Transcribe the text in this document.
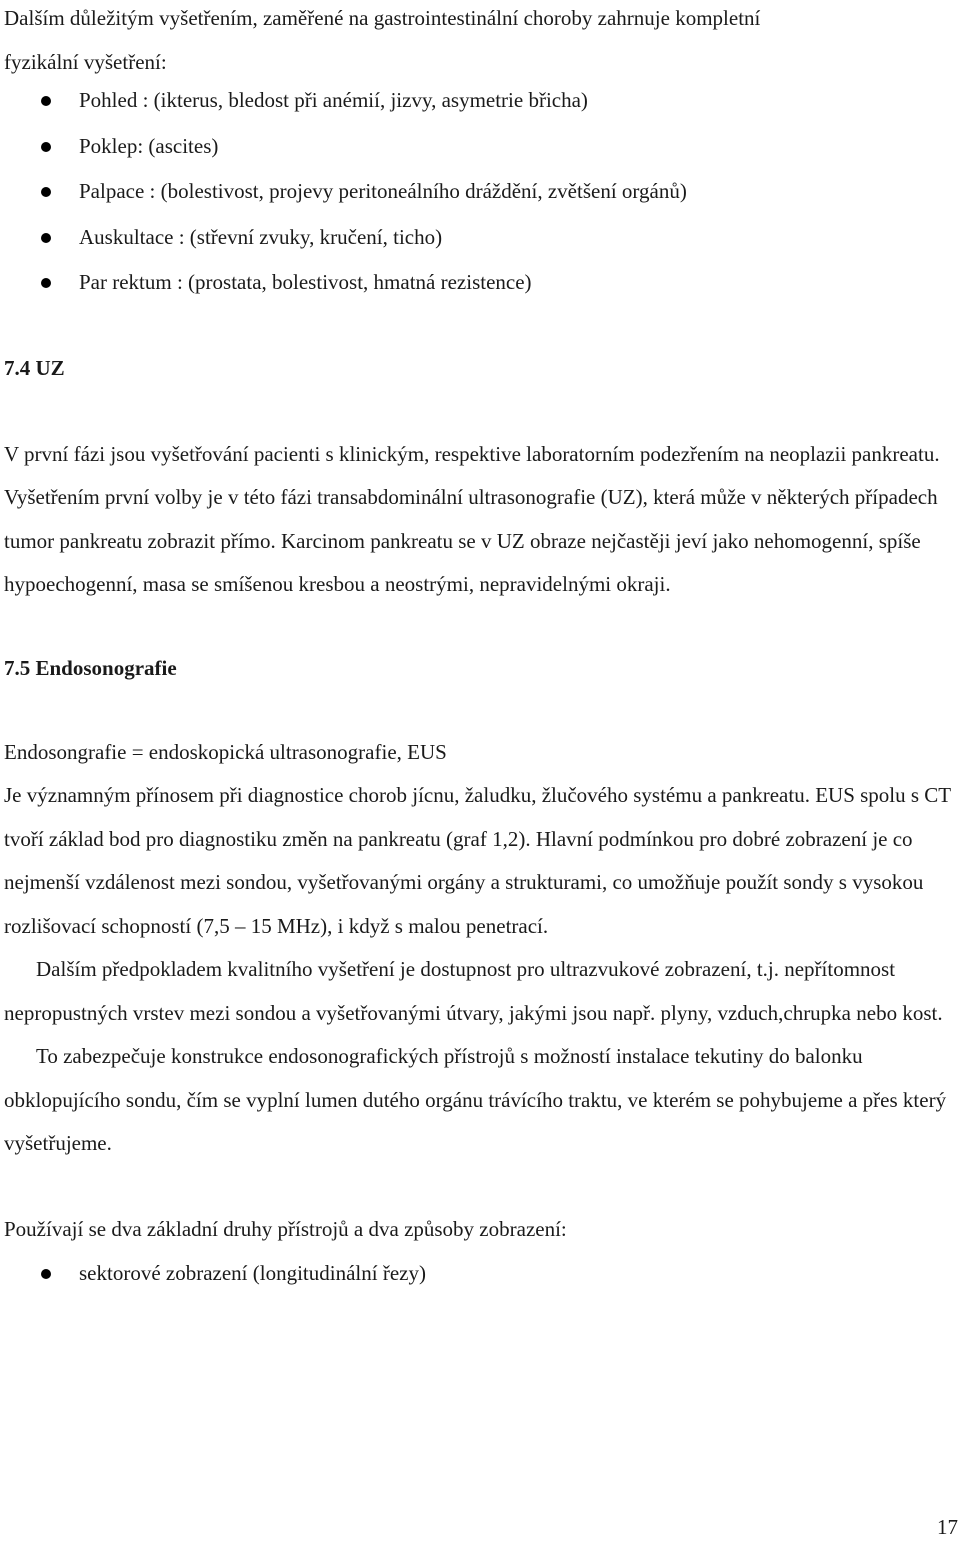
Dalším důležitým vyšetřením, zaměřené na gastrointestinální choroby zahrnuje kompletní

fyzikální vyšetření:

Pohled : (ikterus, bledost při anémií, jizvy, asymetrie břicha)
Poklep: (ascites)
Palpace : (bolestivost, projevy peritoneálního dráždění, zvětšení orgánů)
Auskultace : (střevní zvuky, kručení, ticho)
Par rektum : (prostata, bolestivost, hmatná rezistence)
7.4 UZ

V první fázi jsou vyšetřování pacienti s klinickým, respektive laboratorním podezřením na neoplazii pankreatu. Vyšetřením první volby je v této fázi transabdominální ultrasonografie (UZ), která může v některých případech tumor pankreatu zobrazit přímo. Karcinom pankreatu se v UZ obraze nejčastěji jeví jako nehomogenní, spíše hypoechogenní, masa se smíšenou kresbou a neostrými, nepravidelnými okraji.

7.5 Endosonografie

Endosongrafie = endoskopická ultrasonografie, EUS

Je významným přínosem při diagnostice chorob jícnu, žaludku, žlučového systému a pankreatu. EUS spolu s CT tvoří základ bod pro diagnostiku změn na pankreatu (graf 1,2). Hlavní podmínkou pro dobré zobrazení je co nejmenší vzdálenost mezi sondou, vyšetřovanými orgány a strukturami, co umožňuje použít sondy s vysokou rozlišovací schopností (7,5 – 15 MHz), i když s malou penetrací.

Dalším předpokladem kvalitního vyšetření je dostupnost pro ultrazvukové zobrazení, t.j. nepřítomnost nepropustných vrstev mezi sondou a vyšetřovanými útvary, jakými jsou např. plyny, vzduch,chrupka nebo kost.

To zabezpečuje konstrukce endosonografických přístrojů s možností instalace tekutiny do balonku obklopujícího sondu, čím se vyplní lumen dutého orgánu trávícího traktu, ve kterém se pohybujeme a přes který vyšetřujeme.

Používají se dva základní druhy přístrojů a dva způsoby zobrazení:

sektorové zobrazení (longitudinální řezy)
17
